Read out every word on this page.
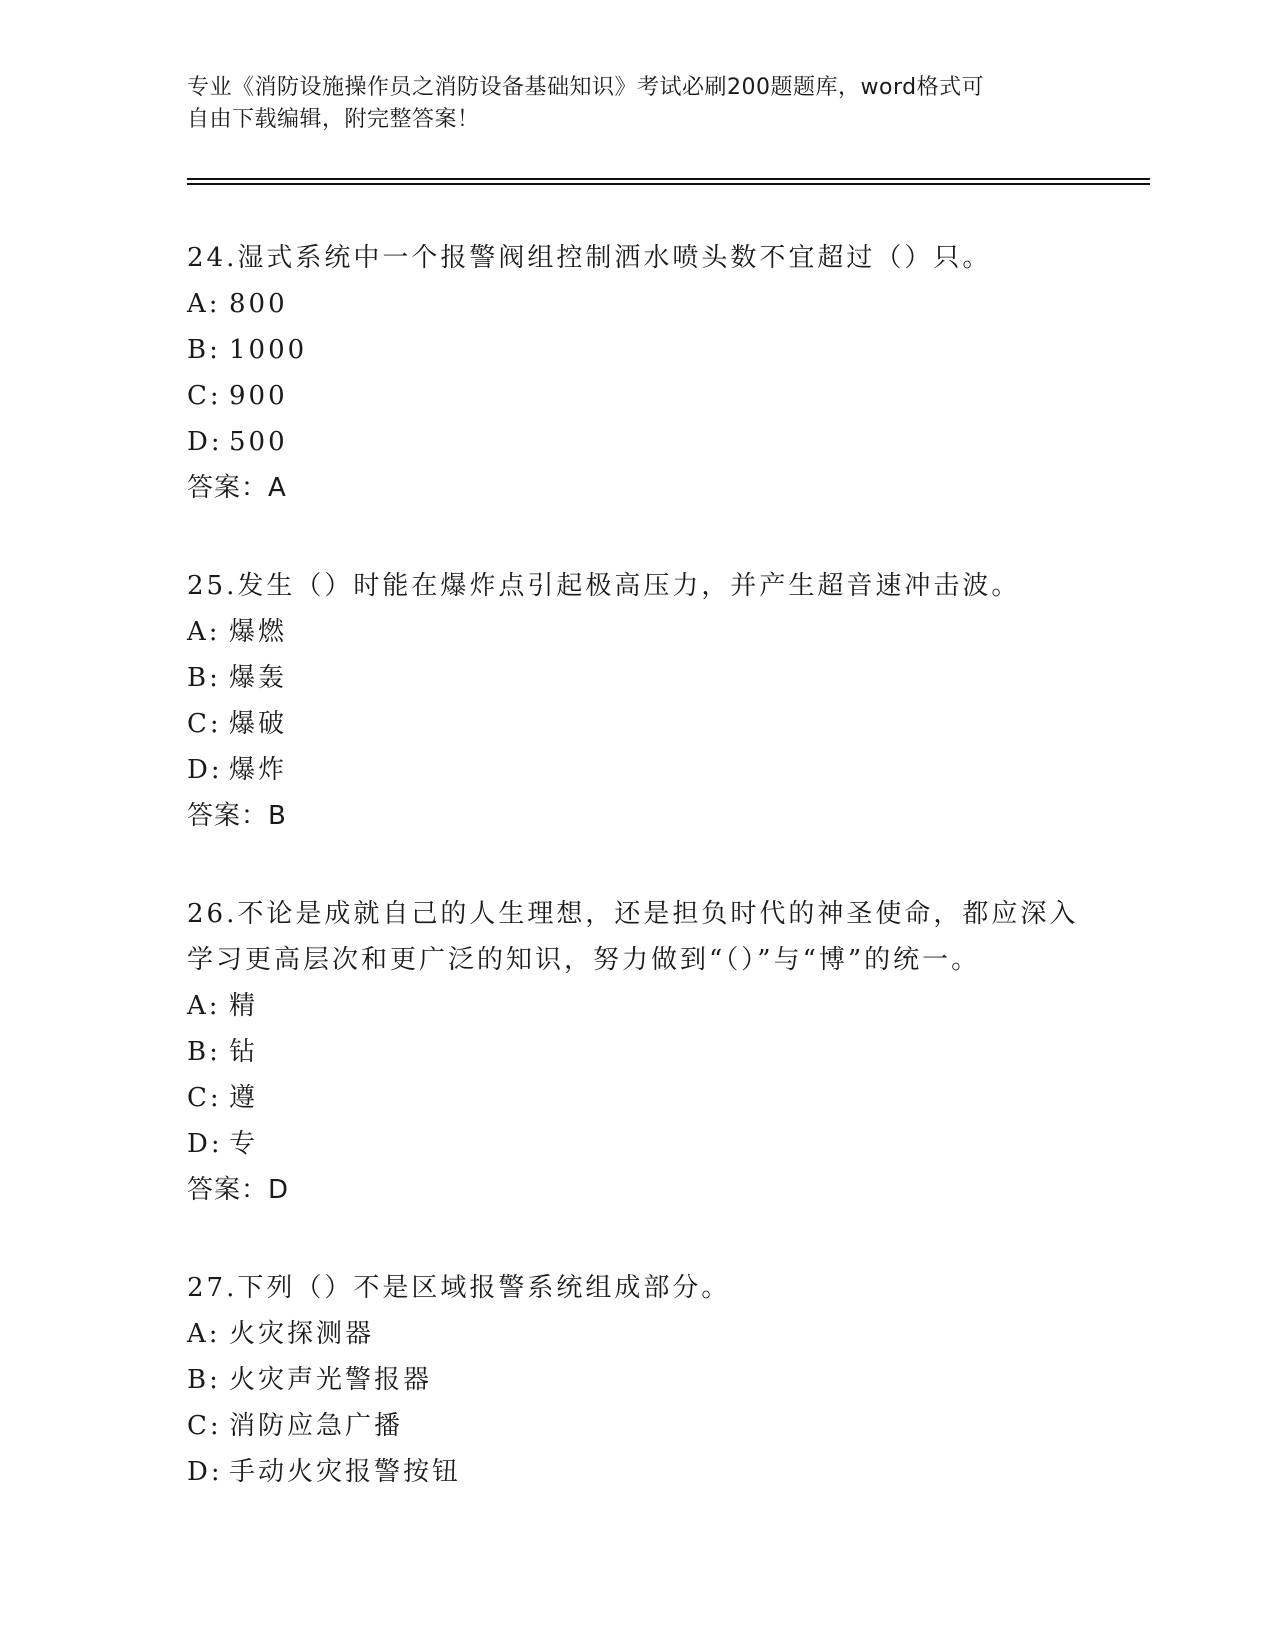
专业《消防设施操作员之消防设备基础知识》考试必刷200题题库，word格式可
自由下载编辑，附完整答案！

24.湿式系统中一个报警阀组控制洒水喷头数不宜超过（）只。

A: 800
B: 1000
C: 900
D: 500
答案：A

25.发生（）时能在爆炸点引起极高压力，并产生超音速冲击波。

A: 爆燃
B: 爆轰
C: 爆破
D: 爆炸
答案：B

26.不论是成就自己的人生理想，还是担负时代的神圣使命，都应深入学习更高层次和更广泛的知识，努力做到“（）”与“博”的统一。

A: 精
B: 钻
C: 遵
D: 专
答案：D

27.下列（）不是区域报警系统组成部分。

A: 火灾探测器
B: 火灾声光警报器
C: 消防应急广播
D: 手动火灾报警按钮
